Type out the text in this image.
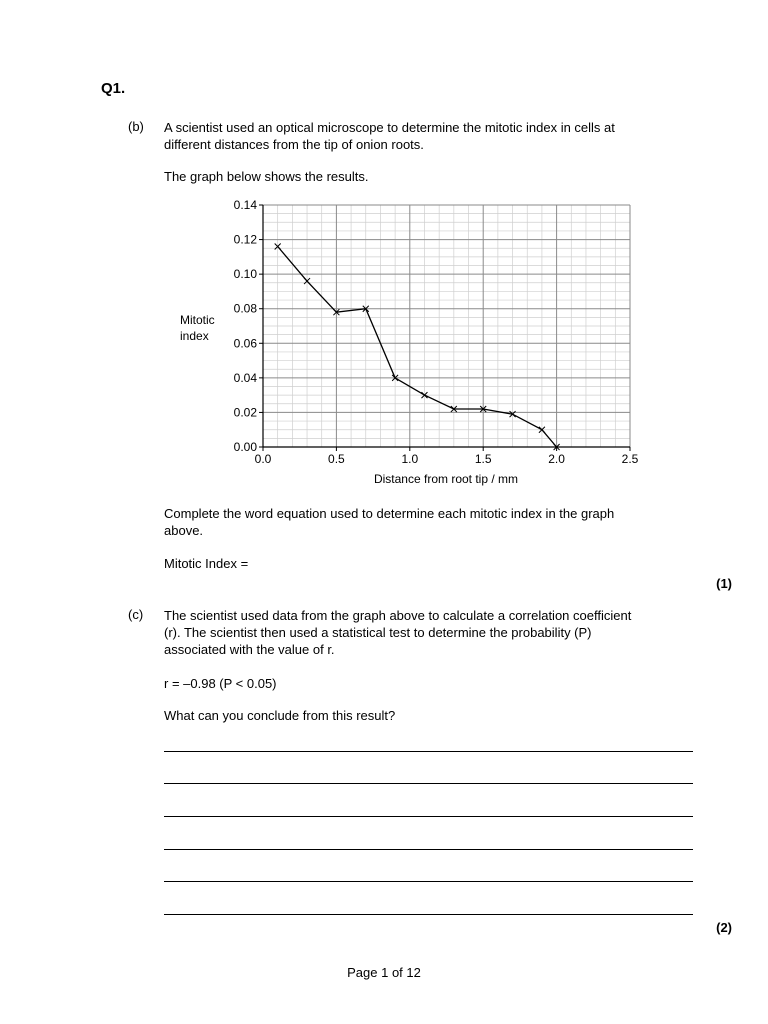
Q1.
(b) A scientist used an optical microscope to determine the mitotic index in cells at
different distances from the tip of onion roots.
The graph below shows the results.
0.00
0.02
0.04
0.06
0.08
0.10
0.12
0.14
0.0	0.5	1.0	1.5	2.0	2.5
Mitotic
index
Distance from root tip / mm
Complete the word equation used to determine each mitotic index in the graph
above.
Mitotic Index =
(1)
(c) The scientist used data from the graph above to calculate a correlation coefficient
(r). The scientist then used a statistical test to determine the probability (P)
associated with the value of r.
r = –0.98 (P < 0.05)
What can you conclude from this result?
(2)
Page 1 of 12
